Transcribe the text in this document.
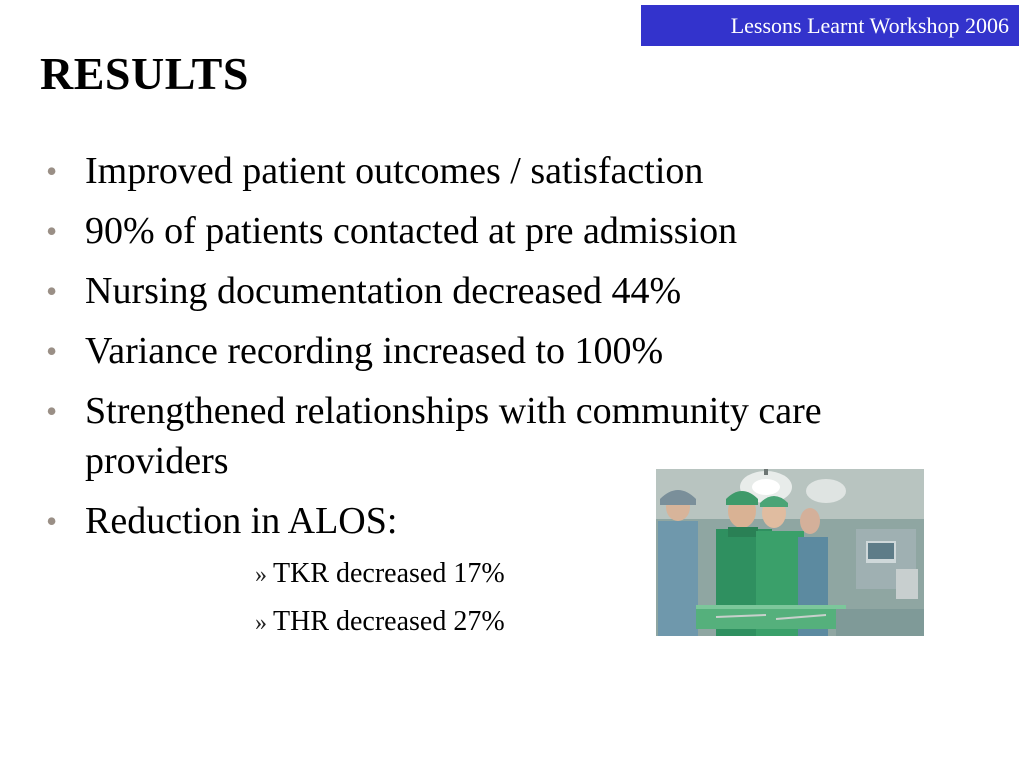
Lessons Learnt Workshop 2006
RESULTS
• Improved patient outcomes / satisfaction
• 90% of patients contacted at pre admission
• Nursing documentation decreased 44%
• Variance recording increased to 100%
• Strengthened relationships with community care providers
• Reduction in ALOS:
» TKR decreased 17%
» THR decreased 27%
